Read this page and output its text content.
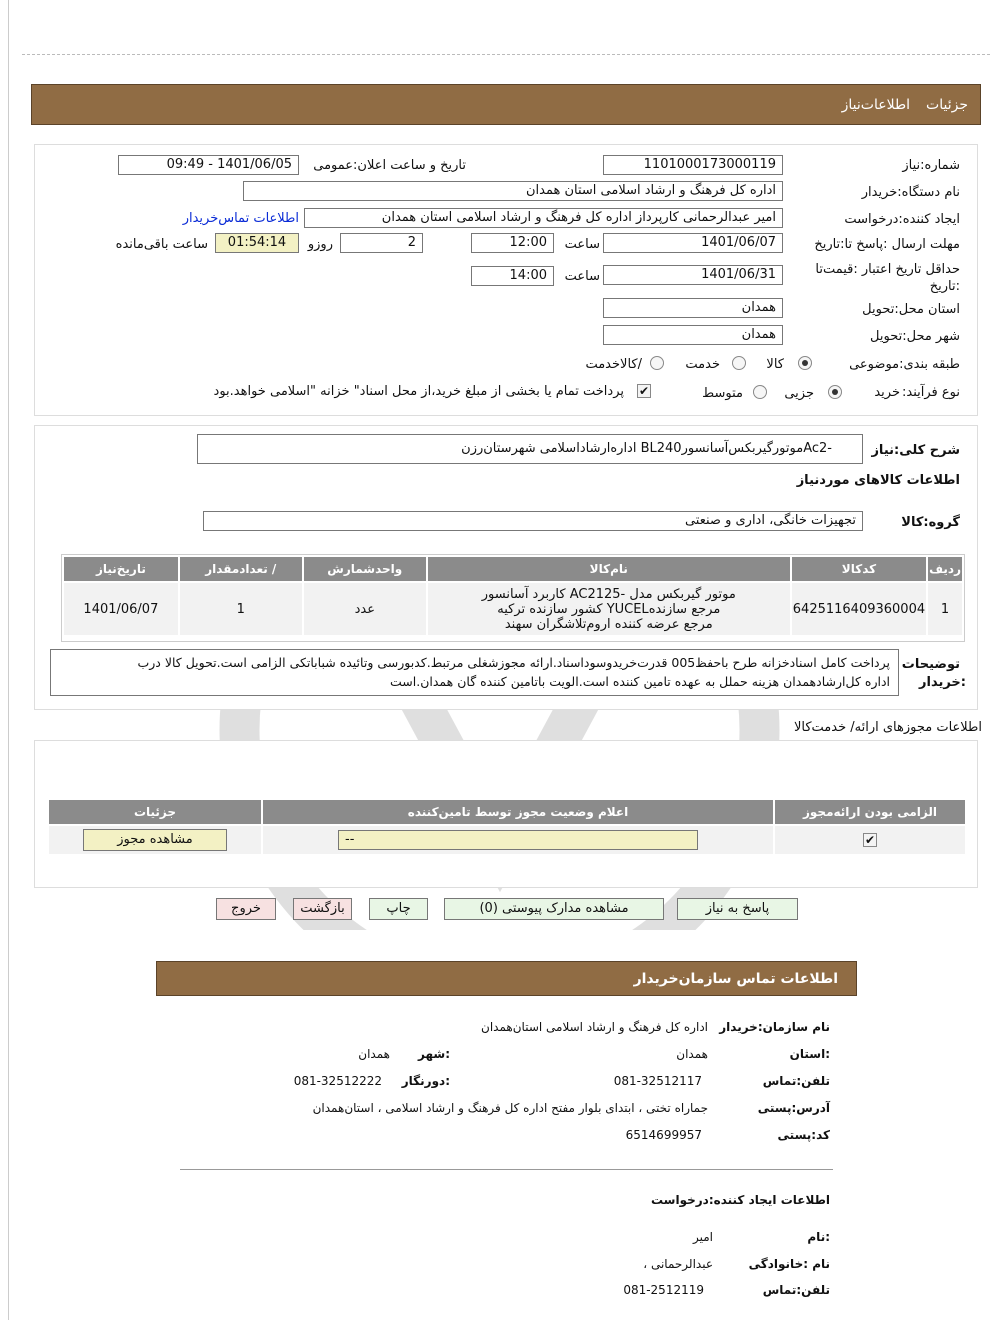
اطلاعات‌نیاز جزئیات
شماره:نیاز
1101000173000119
تاریخ و ساعت اعلان:عمومی
1401/06/05 - 09:49
نام دستگاه:خریدار
اداره کل فرهنگ و ارشاد اسلامی استان همدان
ایجاد کننده:درخواست
امیر عبدالرحمانی کارپرداز اداره کل فرهنگ و ارشاد اسلامی استان همدان
اطلاعات تماس‌خریدار
مهلت ارسال :پاسخ تا:تاریخ
1401/06/07
ساعت
12:00
2
روزو
01:54:14
ساعت باقی‌مانده
حداقل تاریخ اعتبار :قیمت‌تا
:تاریخ
1401/06/31
ساعت
14:00
استان محل:تحویل
همدان
شهر محل:تحویل
همدان
طبقه بندی:موضوعی
کالا
خدمت
/کالاخدمت
نوع فرآیند:
خرید
جزیی
متوسط
✔
پرداخت تمام یا بخشی از مبلغ خرید،از محل اسناد" خزانه "اسلامی خواهد.بود
شرح کلی:نیاز
-Ac2موتورگیربکس‌آسانسورBL240 اداره‌ارشاداسلامی شهرستان‌رزن
اطلاعات کالاهای موردنیاز
گروه:کالا
تجهیزات خانگی، اداری و صنعتی
ردیف	کدکالا	نام‌کالا	واحدشمارش	/ تعدادمقدار	تاریخ‌نیاز
1	6425116409360004	موتور گیربکس مدل -AC2125 کاربرد آسانسور
مرجع سازندهYUCEL کشور سازنده ترکیه
مرجع عرضه کننده اروم‌تلاشگران سهند	عدد	1	1401/06/07
توضیحات
:خریدار
پرداخت کامل اسنادخزانه طرح باحفظ005 قدرت‌خریدوسوداسناد.ارائه مجوزشغلی مرتبط.کدبورسی وتائیده شباباتکی الزامی است.تحویل کالا درب
اداره کل‌ارشادهمدان هزینه حملل به عهده تامین کننده است.الویت باتامین کننده گان همدان.است
اطلاعات مجوزهای ارائه/ خدمت‌کالا
الزامی بودن ارائه‌مجوز	اعلام وضعیت مجوز توسط تامین‌کننده	جزئیات
✔	--	مشاهده مجوز
پاسخ به نیاز
مشاهده مدارک پیوستی (0)
چاپ
بازگشت
خروج
اطلاعات تماس سازمان‌خریدار
نام سازمان:خریدار
اداره کل فرهنگ و ارشاد اسلامی استان‌همدان
:استان
همدان
:شهر
همدان
تلفن:تماس
081-32512117
:دورنگار
081-32512222
آدرس:پستی
جماراه تختی ، ابتدای بلوار مفتح اداره کل فرهنگ و ارشاد اسلامی ، استان‌همدان
کد:پستی
6514699957
اطلاعات ایجاد کننده:درخواست
:نام
امیر
نام :خانوادگی
عبدالرحمانی ،
تلفن:تماس
081-2512119
